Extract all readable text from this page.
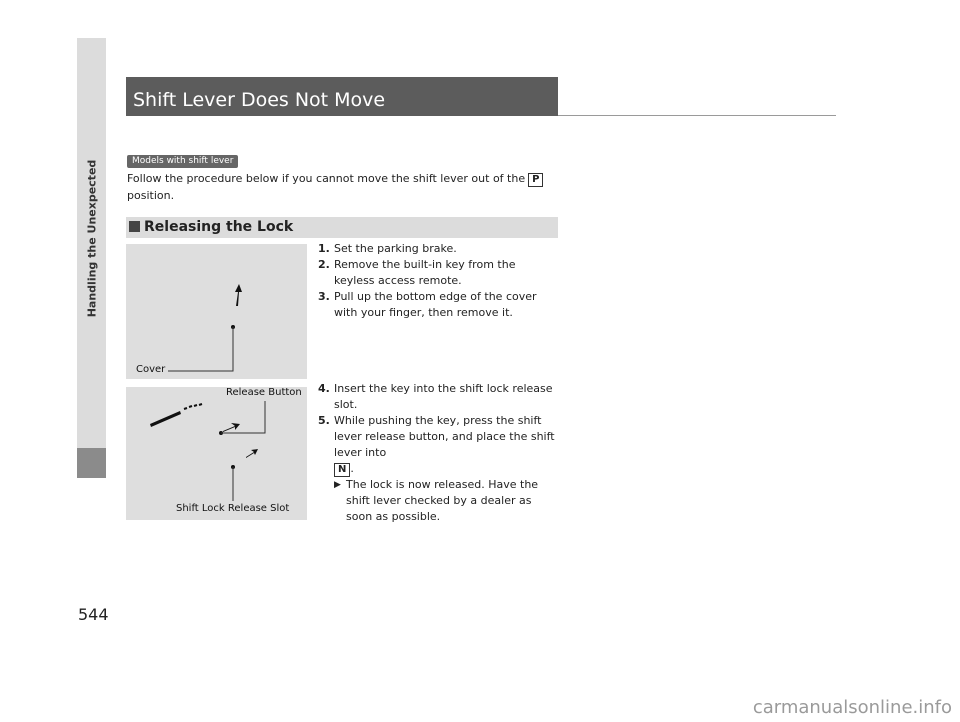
Handling the Unexpected
Shift Lever Does Not Move
Models with shift lever
Follow the procedure below if you cannot move the shift lever out of the P
position.
Releasing the Lock
Cover
Release Button
Shift Lock Release Slot
1. Set the parking brake.
2. Remove the built-in key from the keyless access remote.
3. Pull up the bottom edge of the cover with your finger, then remove it.
4. Insert the key into the shift lock release slot.
5. While pushing the key, press the shift lever release button, and place the shift lever into
N .
▶ The lock is now released. Have the shift lever checked by a dealer as soon as possible.
544
carmanualsonline.info
